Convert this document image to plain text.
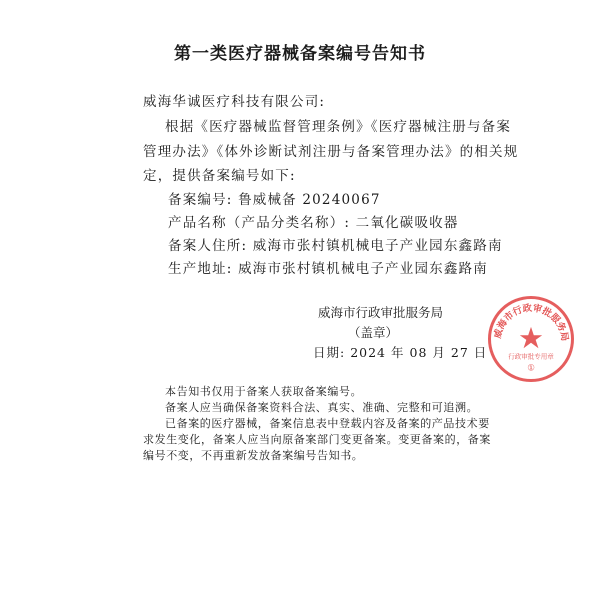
第一类医疗器械备案编号告知书
威海华诚医疗科技有限公司:
根据《医疗器械监督管理条例》《医疗器械注册与备案
管理办法》《体外诊断试剂注册与备案管理办法》的相关规
定，提供备案编号如下:
备案编号: 鲁威械备 20240067
产品名称（产品分类名称）: 二氧化碳吸收器
备案人住所: 威海市张村镇机械电子产业园东鑫路南
生产地址: 威海市张村镇机械电子产业园东鑫路南
威海市行政审批服务局
（盖章）
日期: 2024 年 08 月 27 日
威海市行政审批服务局
行政审批专用章
①
本告知书仅用于备案人获取备案编号。
备案人应当确保备案资料合法、真实、准确、完整和可追溯。
已备案的医疗器械，备案信息表中登载内容及备案的产品技术要
求发生变化，备案人应当向原备案部门变更备案。变更备案的，备案
编号不变，不再重新发放备案编号告知书。
